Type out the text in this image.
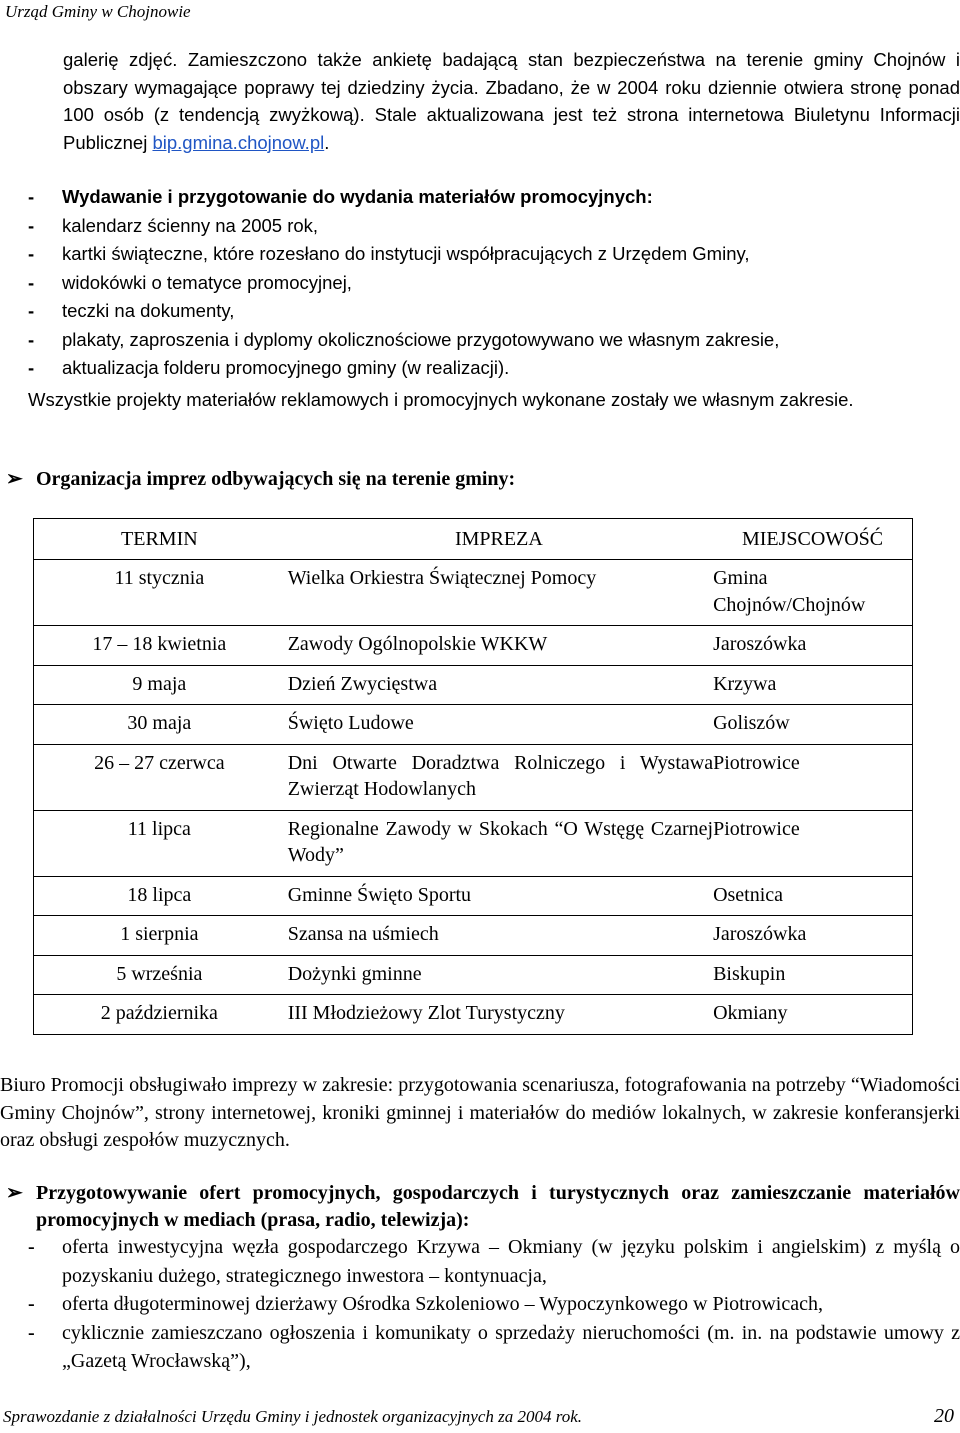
Urząd Gminy w Chojnowie
galerię zdjęć. Zamieszczono także ankietę badającą stan bezpieczeństwa na terenie gminy Chojnów i obszary wymagające poprawy tej dziedziny życia. Zbadano, że w 2004 roku dziennie otwiera stronę ponad 100 osób (z tendencją zwyżkową). Stale aktualizowana jest też strona internetowa Biuletynu Informacji Publicznej bip.gmina.chojnow.pl.
- Wydawanie i przygotowanie do wydania materiałów promocyjnych:
- kalendarz ścienny na 2005 rok,
- kartki świąteczne, które rozesłano do instytucji współpracujących z Urzędem Gminy,
- widokówki o tematyce promocyjnej,
- teczki na dokumenty,
- plakaty, zaproszenia i dyplomy okolicznościowe przygotowywano we własnym zakresie,
- aktualizacja folderu promocyjnego gminy (w realizacji).
Wszystkie projekty materiałów reklamowych i promocyjnych wykonane zostały we własnym zakresie.
➢ Organizacja imprez odbywających się na terenie gminy:
TERMIN	IMPREZA	MIEJSCOWOŚĆ
11 stycznia	Wielka Orkiestra Świątecznej Pomocy	Gmina Chojnów/Chojnów
17 – 18 kwietnia	Zawody Ogólnopolskie WKKW	Jaroszówka
9 maja	Dzień Zwycięstwa	Krzywa
30 maja	Święto Ludowe	Goliszów
26 – 27 czerwca	Dni Otwarte Doradztwa Rolniczego i Wystawa Zwierząt Hodowlanych	Piotrowice
11 lipca	Regionalne Zawody w Skokach “O Wstęgę Czarnej Wody”	Piotrowice
18 lipca	Gminne Święto Sportu	Osetnica
1 sierpnia	Szansa na uśmiech	Jaroszówka
5 września	Dożynki gminne	Biskupin
2 października	III Młodzieżowy Zlot Turystyczny	Okmiany
Biuro Promocji obsługiwało imprezy w zakresie: przygotowania scenariusza, fotografowania na potrzeby “Wiadomości Gminy Chojnów”, strony internetowej, kroniki gminnej i materiałów do mediów lokalnych, w zakresie konferansjerki oraz obsługi zespołów muzycznych.
➢ Przygotowywanie ofert promocyjnych, gospodarczych i turystycznych oraz zamieszczanie materiałów promocyjnych w mediach (prasa, radio, telewizja):
- oferta inwestycyjna węzła gospodarczego Krzywa – Okmiany (w języku polskim i angielskim) z myślą o pozyskaniu dużego, strategicznego inwestora – kontynuacja,
- oferta długoterminowej dzierżawy Ośrodka Szkoleniowo – Wypoczynkowego w Piotrowicach,
- cyklicznie zamieszczano ogłoszenia i komunikaty o sprzedaży nieruchomości (m. in. na podstawie umowy z „Gazetą Wrocławską”),
Sprawozdanie z działalności Urzędu Gminy i jednostek organizacyjnych za 2004 rok.	20
